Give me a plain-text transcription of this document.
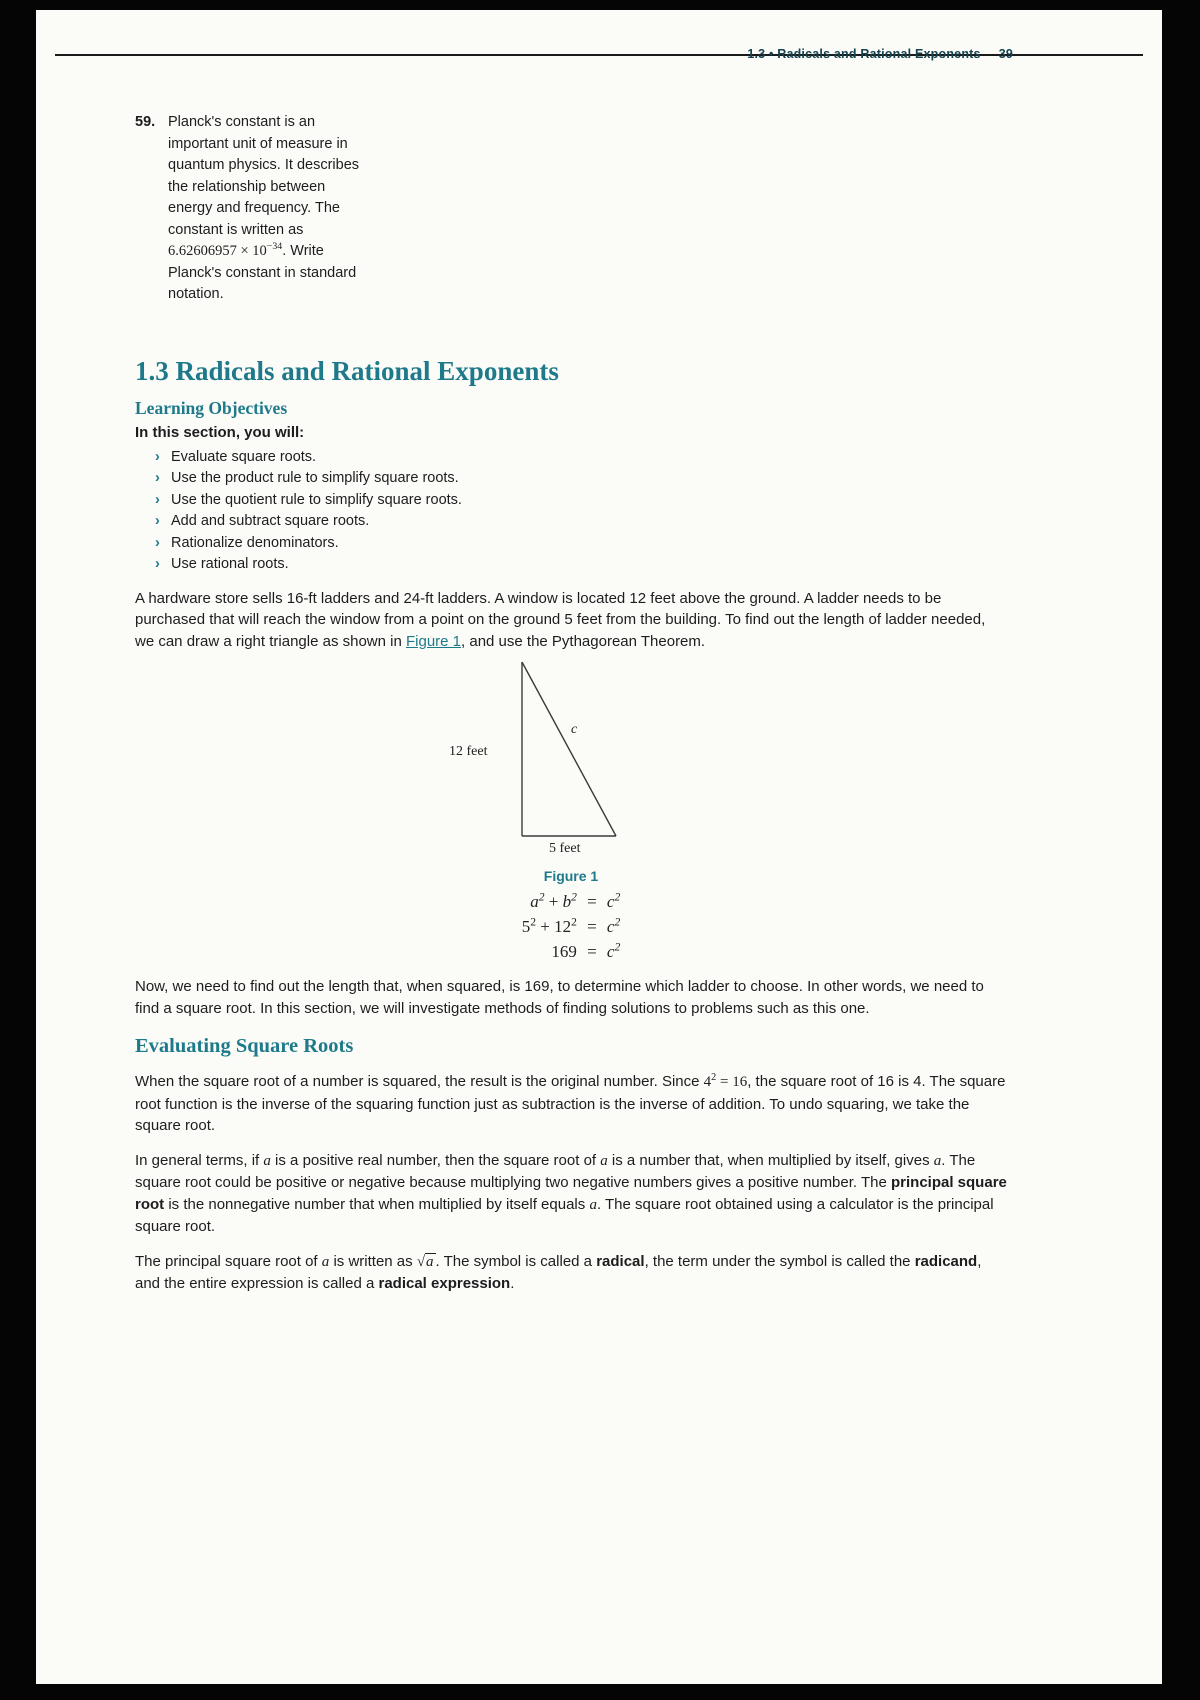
1.3 • Radicals and Rational Exponents 39
59. Planck's constant is an important unit of measure in quantum physics. It describes the relationship between energy and frequency. The constant is written as $6.62606957 \times 10^{-34}$. Write Planck's constant in standard notation.
1.3 Radicals and Rational Exponents
Learning Objectives
In this section, you will:
› Evaluate square roots.
› Use the product rule to simplify square roots.
› Use the quotient rule to simplify square roots.
› Add and subtract square roots.
› Rationalize denominators.
› Use rational roots.

A hardware store sells 16-ft ladders and 24-ft ladders. A window is located 12 feet above the ground. A ladder needs to be purchased that will reach the window from a point on the ground 5 feet from the building. To find out the length of ladder needed, we can draw a right triangle as shown in Figure 1, and use the Pythagorean Theorem.

12 feet
c
5 feet
Figure 1
$a^2 + b^2 = c^2$
$5^2 + 12^2 = c^2$
$169 = c^2$

Now, we need to find out the length that, when squared, is 169, to determine which ladder to choose. In other words, we need to find a square root. In this section, we will investigate methods of finding solutions to problems such as this one.

Evaluating Square Roots

When the square root of a number is squared, the result is the original number. Since $4^2 = 16$, the square root of 16 is 4. The square root function is the inverse of the squaring function just as subtraction is the inverse of addition. To undo squaring, we take the square root.

In general terms, if a is a positive real number, then the square root of a is a number that, when multiplied by itself, gives a. The square root could be positive or negative because multiplying two negative numbers gives a positive number. The principal square root is the nonnegative number that when multiplied by itself equals a. The square root obtained using a calculator is the principal square root.

The principal square root of a is written as √a . The symbol is called a radical, the term under the symbol is called the radicand, and the entire expression is called a radical expression.
